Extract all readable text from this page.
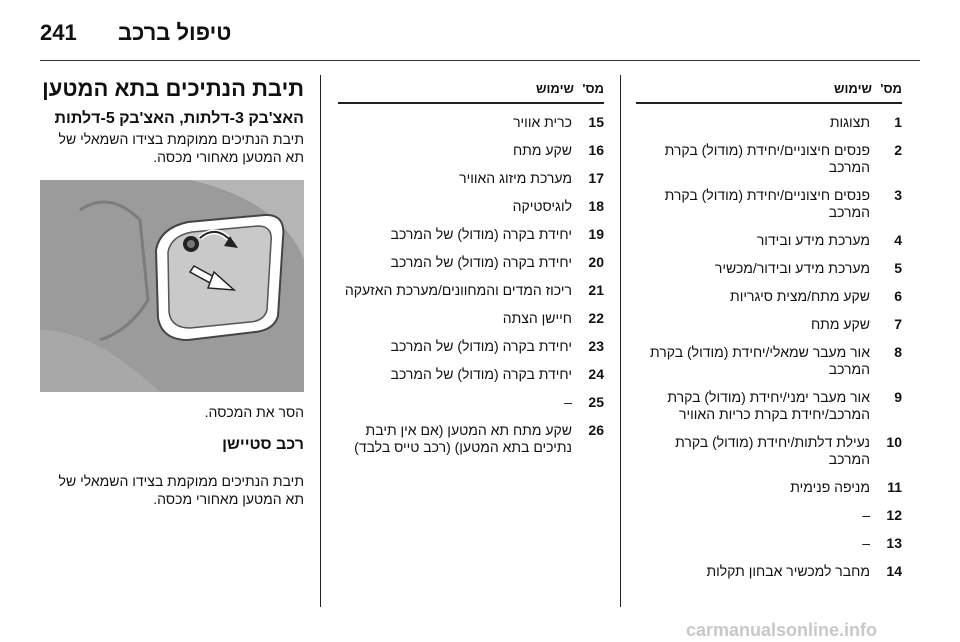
241 טיפול ברכב
מס'
שימוש
1
תצוגות
2
פנסים חיצוניים/יחידת (מודול) בקרת המרכב
3
פנסים חיצוניים/יחידת (מודול) בקרת המרכב
4
מערכת מידע ובידור
5
מערכת מידע ובידור/מכשיר
6
שקע מתח/מצית סיגריות
7
שקע מתח
8
אור מעבר שמאלי/יחידת (מודול) בקרת המרכב
9
אור מעבר ימני/יחידת (מודול) בקרת המרכב/יחידת בקרת כריות האוויר
10
נעילת דלתות/יחידת (מודול) בקרת המרכב
11
מניפה פנימית
12
–
13
–
14
מחבר למכשיר אבחון תקלות
מס'
שימוש
15
כרית אוויר
16
שקע מתח
17
מערכת מיזוג האוויר
18
לוגיסטיקה
19
יחידת בקרה (מודול) של המרכב
20
יחידת בקרה (מודול) של המרכב
21
ריכוז המדים והמחוונים/מערכת האזעקה
22
חיישן הצתה
23
יחידת בקרה (מודול) של המרכב
24
יחידת בקרה (מודול) של המרכב
25
–
26
שקע מתח תא המטען (אם אין תיבת נתיכים בתא המטען) (רכב טייס בלבד)
תיבת הנתיכים בתא המטען
האצ'בק 3-דלתות, האצ'בק 5-דלתות

תיבת הנתיכים ממוקמת בצידו השמאלי של תא המטען מאחורי מכסה.

הסר את המכסה.
רכב סטיישן

תיבת הנתיכים ממוקמת בצידו השמאלי של תא המטען מאחורי מכסה.

carmanualsonline.info
